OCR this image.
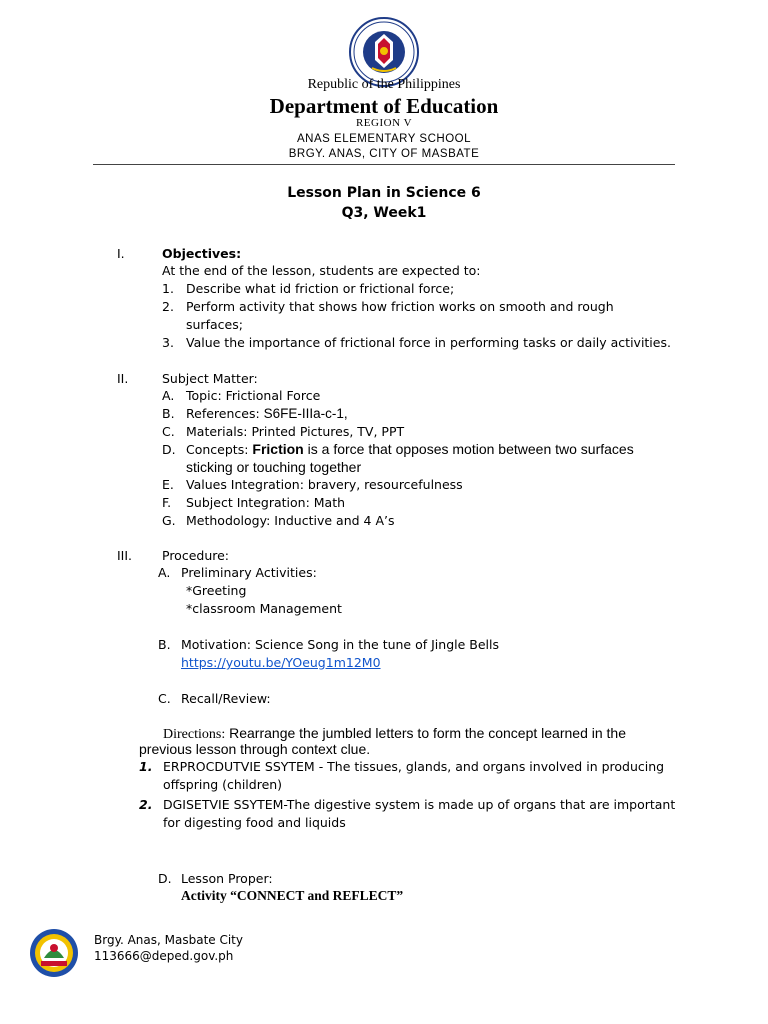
Republic of the Philippines
Department of Education
REGION V
ANAS ELEMENTARY SCHOOL
BRGY. ANAS, CITY OF MASBATE
Lesson Plan in Science 6
Q3, Week1
I.	Objectives:
At the end of the lesson, students are expected to:
1. Describe what id friction or frictional force;
2. Perform activity that shows how friction works on smooth and rough
surfaces;
3. Value the importance of frictional force in performing tasks or daily activities.
II.	Subject Matter:
A. Topic: Frictional Force
B. References: S6FE-IIIa-c-1,
C. Materials: Printed Pictures, TV, PPT
D. Concepts: Friction is a force that opposes motion between two surfaces
sticking or touching together
E. Values Integration: bravery, resourcefulness
F. Subject Integration: Math
G. Methodology: Inductive and 4 A’s
III. Procedure:
A. Preliminary Activities:
*Greeting
*classroom Management
B. Motivation: Science Song in the tune of Jingle Bells
https://youtu.be/YOeug1m12M0
C. Recall/Review:
Directions: Rearrange the jumbled letters to form the concept learned in the
previous lesson through context clue.
1. ERPROCDUTVIE SSYTEM - The tissues, glands, and organs involved in producing
offspring (children)
2. DGISETVIE SSYTEM-The digestive system is made up of organs that are important
for digesting food and liquids
D. Lesson Proper:
Activity “CONNECT and REFLECT”
Brgy. Anas, Masbate City
113666@deped.gov.ph
